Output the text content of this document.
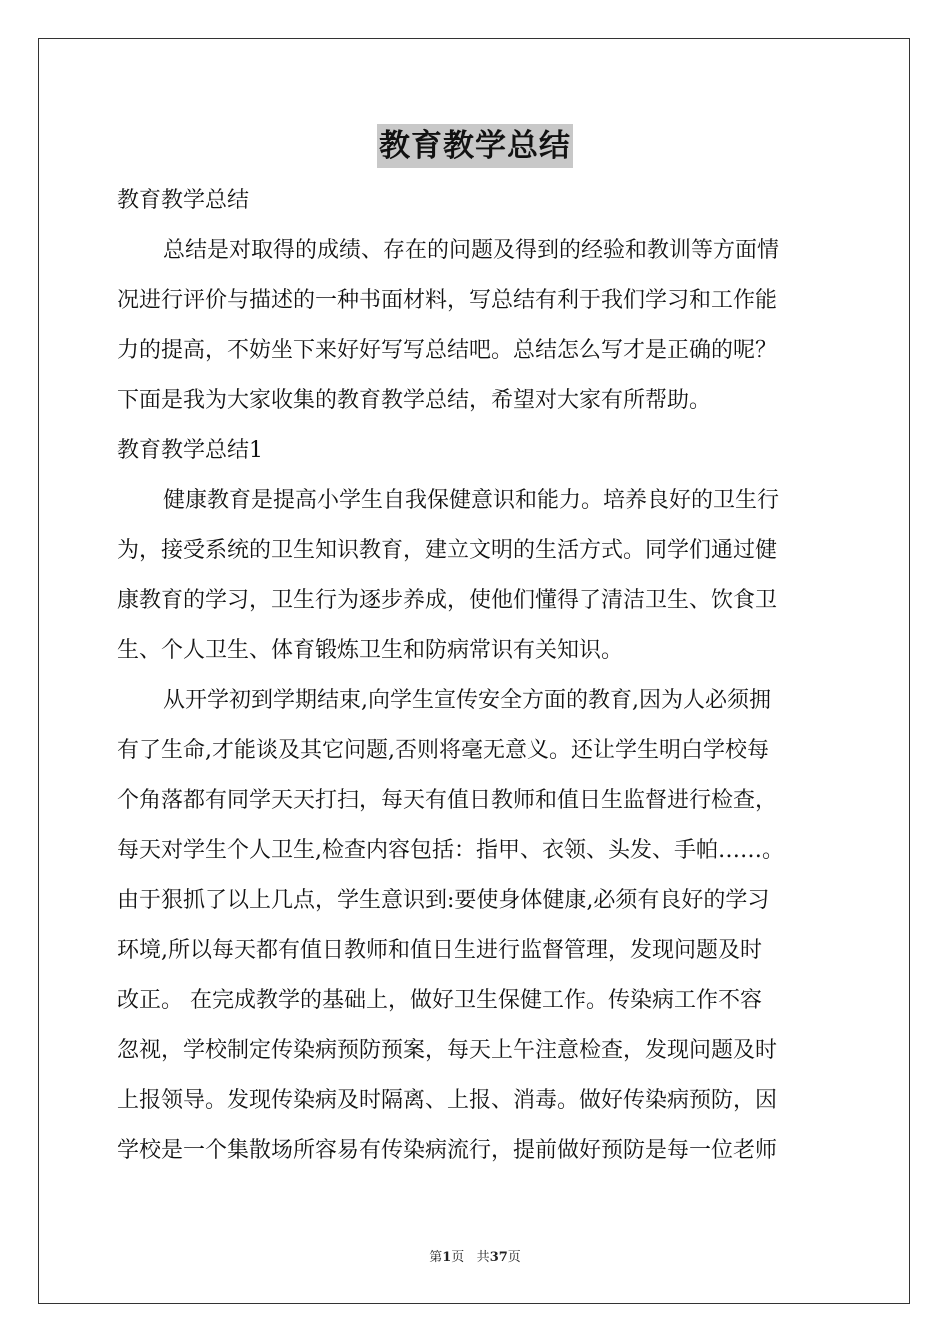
教育教学总结

教育教学总结

总结是对取得的成绩、存在的问题及得到的经验和教训等方面情

况进行评价与描述的一种书面材料，写总结有利于我们学习和工作能

力的提高，不妨坐下来好好写写总结吧。总结怎么写才是正确的呢？

下面是我为大家收集的教育教学总结，希望对大家有所帮助。

教育教学总结1

健康教育是提高小学生自我保健意识和能力。培养良好的卫生行

为，接受系统的卫生知识教育，建立文明的生活方式。同学们通过健

康教育的学习，卫生行为逐步养成，使他们懂得了清洁卫生、饮食卫

生、个人卫生、体育锻炼卫生和防病常识有关知识。

从开学初到学期结束,向学生宣传安全方面的教育,因为人必须拥

有了生命,才能谈及其它问题,否则将毫无意义。还让学生明白学校每

个角落都有同学天天打扫，每天有值日教师和值日生监督进行检查，

每天对学生个人卫生,检查内容包括：指甲、衣领、头发、手帕……。

由于狠抓了以上几点，学生意识到:要使身体健康,必须有良好的学习

环境,所以每天都有值日教师和值日生进行监督管理，发现问题及时

改正。 在完成教学的基础上，做好卫生保健工作。传染病工作不容

忽视，学校制定传染病预防预案，每天上午注意检查，发现问题及时

上报领导。发现传染病及时隔离、上报、消毒。做好传染病预防，因

学校是一个集散场所容易有传染病流行，提前做好预防是每一位老师

第1页 共37页
